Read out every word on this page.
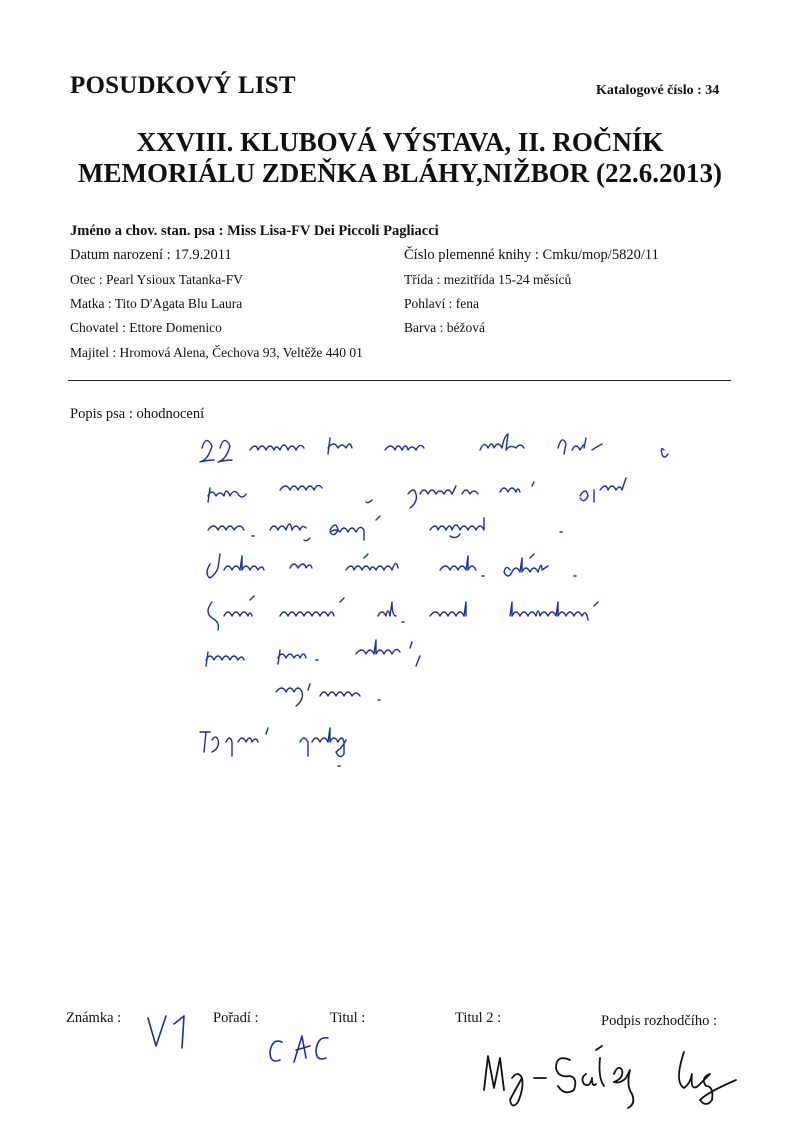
POSUDKOVÝ LIST	Katalogové číslo : 34
XXVIII. KLUBOVÁ VÝSTAVA, II. ROČNÍK
MEMORIÁLU ZDEŇKA BLÁHY,NIŽBOR (22.6.2013)
Jméno a chov. stan. psa : Miss Lisa-FV Dei Piccoli Pagliacci
Datum narození : 17.9.2011
Otec : Pearl Ysioux Tatanka-FV
Matka : Tito D'Agata Blu Laura
Chovatel : Ettore Domenico
Majitel : Hromová Alena, Čechova 93, Veltěže 440 01
Číslo plemenné knihy : Cmku/mop/5820/11
Třída : mezitřída 15-24 měsíců
Pohlaví : fena
Barva : béžová
Popis psa : ohodnocení
Známka :	Pořadí :	Titul :	Titul 2 :	Podpis rozhodčího :
